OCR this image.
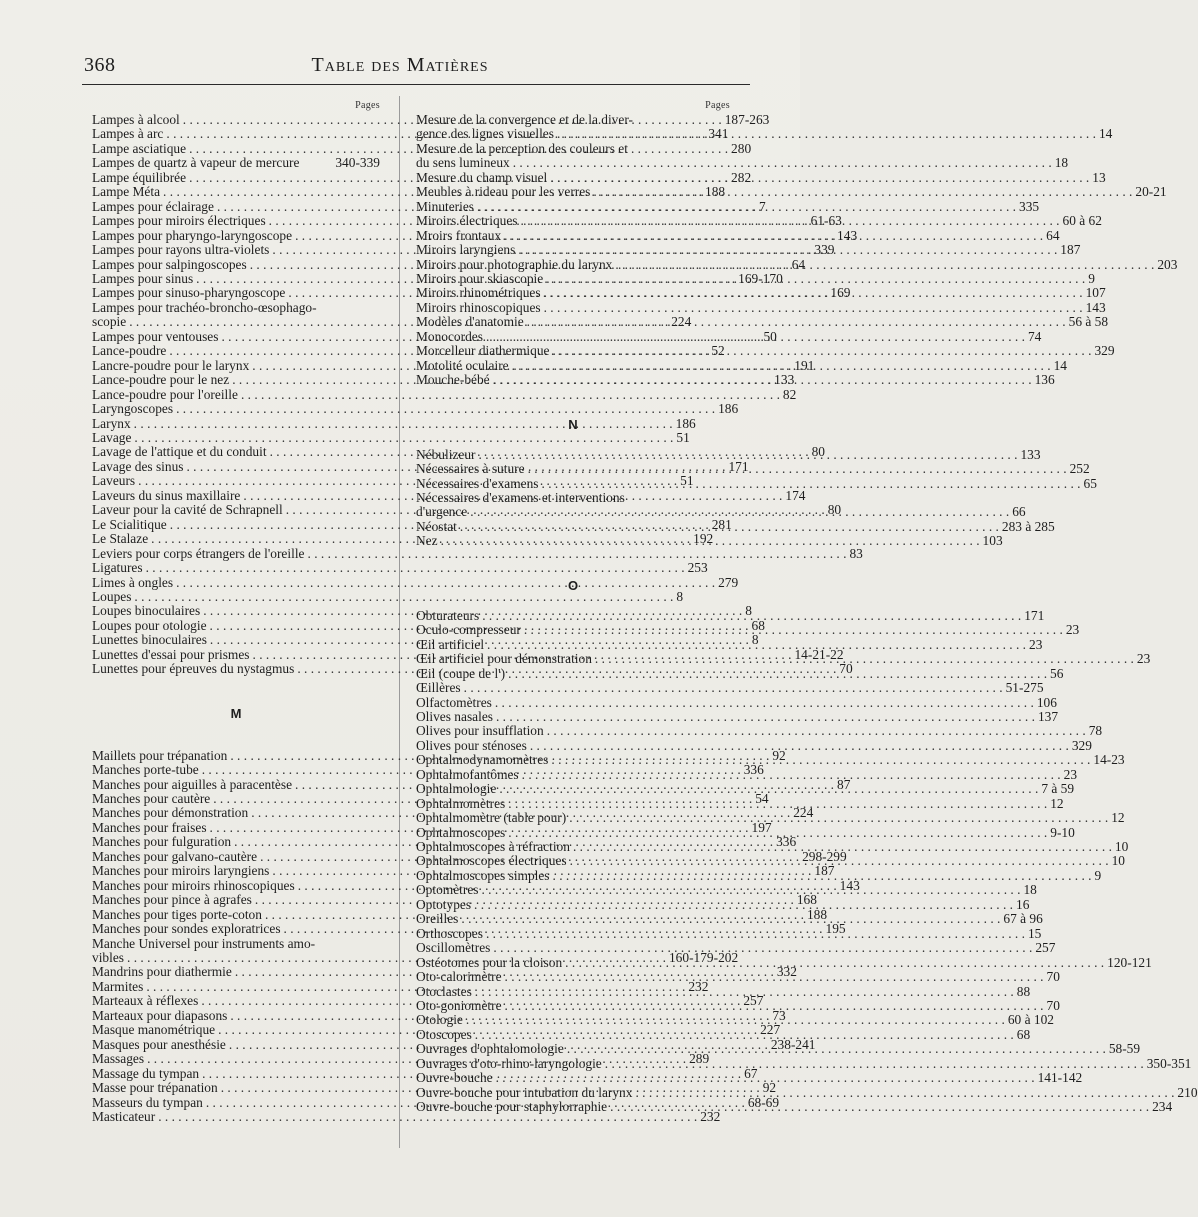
368	Table des Matières
Pages
Lampes à alcool . . .	187-263
Lampes à arc . . .	341
Lampe asciatique . . .	280
Lampes de quartz à vapeur de mercure	340-339
Lampe équilibrée . . .	282
Lampe Méta . . .	188
Lampes pour éclairage . . .	7
Lampes pour miroirs électriques . . .	61-63
Lampes pour pharyngo-laryngoscope . . .	143
Lampes pour rayons ultra-violets . . .	339
Lampes pour salpingoscopes . . .	64
Lampes pour sinus . . .	169-170
Lampes pour sinuso-pharyngoscope . . .	169
Lampes pour trachéo-broncho-œsophago-
scopie . . .	224
Lampes pour ventouses . . .	50
Lance-poudre . . .	52
Lancre-poudre pour le larynx . . .	191
Lance-poudre pour le nez . . .	133
Lance-poudre pour l'oreille . . .	82
Laryngoscopes . . .	186
Larynx . . .	186
Lavage . . .	51
Lavage de l'attique et du conduit . . .	80
Lavage des sinus . . .	171
Laveurs . . .	51
Laveurs du sinus maxillaire . . .	174
Laveur pour la cavité de Schrapnell . . .	80
Le Scialitique . . .	281
Le Stalaze . . .	192
Leviers pour corps étrangers de l'oreille . . .	83
Ligatures . . .	253
Limes à ongles . . .	279
Loupes . . .	8
Loupes binoculaires . . .	8
Loupes pour otologie . . .	68
Lunettes binoculaires . . .	8
Lunettes d'essai pour prismes . . .	14-21-22
Lunettes pour épreuves du nystagmus . . .	70
M
Maillets pour trépanation . . .	92
Manches porte-tube . . .	336
Manches pour aiguilles à paracentèse . . .	87
Manches pour cautère . . .	54
Manches pour démonstration . . .	224
Manches pour fraises . . .	197
Manches pour fulguration . . .	336
Manches pour galvano-cautère . . .	298-299
Manches pour miroirs laryngiens . . .	187
Manches pour miroirs rhinoscopiques . . .	143
Manches pour pince à agrafes . . .	168
Manches pour tiges porte-coton . . .	188
Manches pour sondes exploratrices . . .	195
Manche Universel pour instruments amo-
vibles . . .	160-179-202
Mandrins pour diathermie . . .	332
Marmites . . .	232
Marteaux à réflexes . . .	257
Marteaux pour diapasons . . .	73
Masque manométrique . . .	227
Masques pour anesthésie . . .	238-241
Massages . . .	289
Massage du tympan . . .	67
Masse pour trépanation . . .	92
Masseurs du tympan . . .	68-69
Masticateur . . .	232
Pages
Mesure de la convergence et de la diver-
gence des lignes visuelles . . .	14
Mesure de la perception des couleurs et
du sens lumineux . . .	18
Mesure du champ visuel . . .	13
Meubles à rideau pour les verres . . .	20-21
Minuteries . . .	335
Miroirs électriques . . .	60 à 62
Mroirs frontaux . . .	64
Miroirs laryngiens . . .	187
Miroirs pour photographie du larynx . . .	203
Miroirs pour skiascopie . . .	9
Miroirs rhinométriques . . .	107
Miroirs rhinoscopiques . . .	143
Modèles d'anatomie . . .	56 à 58
Monocordes . . .	74
Morcelleur diathermique . . .	329
Motolité oculaire . . .	14
Mouche-bébé . . .	136
N
Nébulizeur . . .	133
Nécessaires à suture . . .	252
Nécessaires d'examens . . .	65
Nécessaires d'examens et interventions
d'urgence . . .	66
Néostat . . .	283 à 285
Nez . . .	103
O
Obturateurs . . .	171
Oculo-compresseur . . .	23
Œil artificiel . . .	23
Œil artificiel pour démonstration . . .	23
Œil (coupe de l') . . .	56
Œillères . . .	51-275
Olfactomètres . . .	106
Olives nasales . . .	137
Olives pour insufflation . . .	78
Olives pour sténoses . . .	329
Ophtalmodynamomètres . . .	14-23
Ophtalmofantômes . . .	23
Ophtalmologie . . .	7 à 59
Ophtalmomètres . . .	12
Ophtalmomètre (table pour) . . .	12
Ophtalmoscopes . . .	9-10
Ophtalmoscopes à réfraction . . .	10
Ophtalmoscopes électriques . . .	10
Ophtalmoscopes simples . . .	9
Optomètres . . .	18
Optotypes . . .	16
Oreilles . . .	67 à 96
Orthoscopes . . .	15
Oscillomètres . . .	257
Ostéotomes pour la cloison . . .	120-121
Oto-calorimètre . . .	70
Otoclastes . . .	88
Oto-goniomètre . . .	70
Otologie . . .	60 à 102
Otoscopes . . .	68
Ouvrages d'ophtalomologie . . .	58-59
Ouvrages d'oto-rhino-laryngologie . . .	350-351
Ouvre-bouche . . .	141-142
Ouvre-bouche pour intubation du larynx . . .	210
Ouvre-bouche pour staphylorraphie . . .	234
